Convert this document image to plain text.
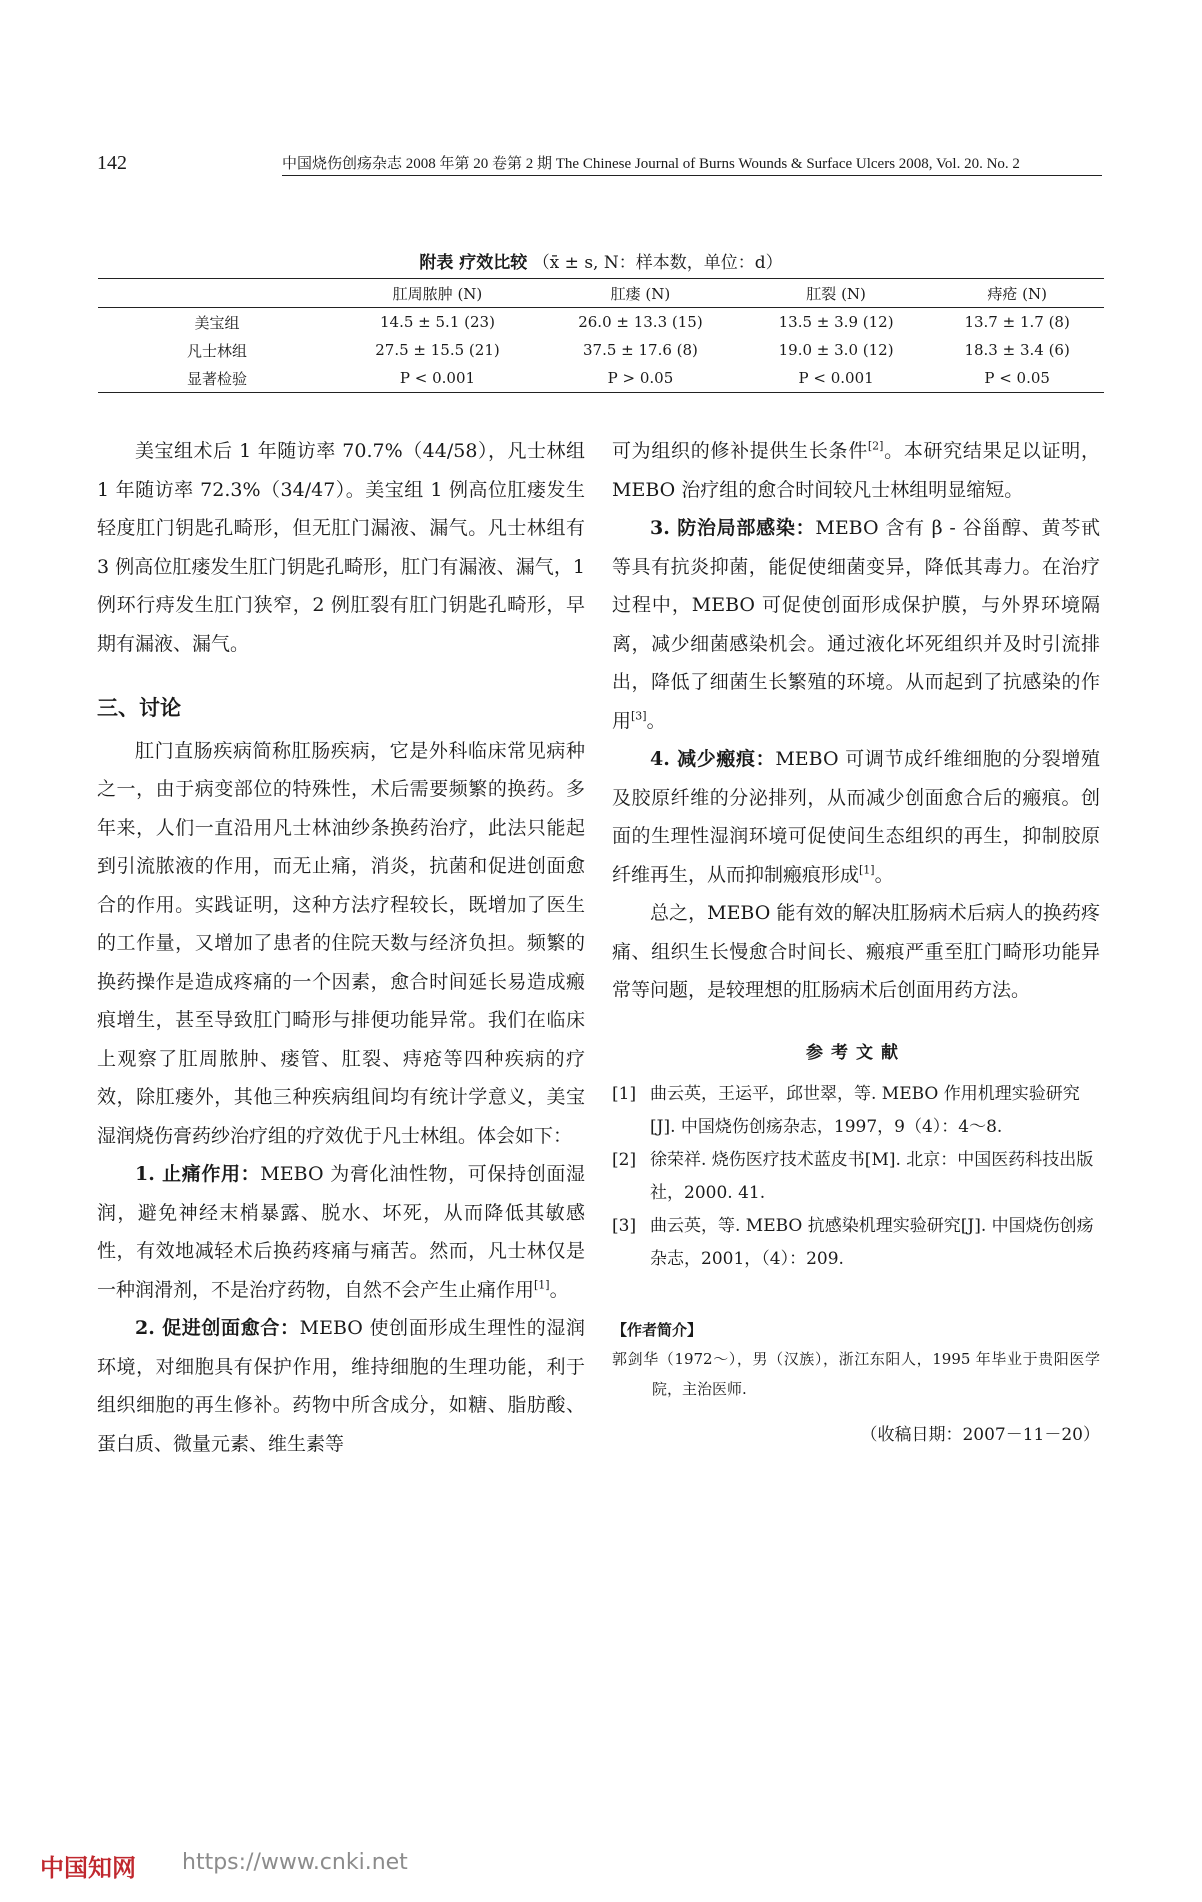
142	中国烧伤创疡杂志 2008 年第 20 卷第 2 期 The Chinese Journal of Burns Wounds & Surface Ulcers 2008, Vol. 20. No. 2
附表 疗效比较 （x̄ ± s, N：样本数，单位：d）
	肛周脓肿 (N)	肛瘘 (N)	肛裂 (N)	痔疮 (N)
美宝组	14.5 ± 5.1 (23)	26.0 ± 13.3 (15)	13.5 ± 3.9 (12)	13.7 ± 1.7 (8)
凡士林组	27.5 ± 15.5 (21)	37.5 ± 17.6 (8)	19.0 ± 3.0 (12)	18.3 ± 3.4 (6)
显著检验	P < 0.001	P > 0.05	P < 0.001	P < 0.05

美宝组术后 1 年随访率 70.7%（44/58），凡士林组 1 年随访率 72.3%（34/47）。美宝组 1 例高位肛瘘发生轻度肛门钥匙孔畸形，但无肛门漏液、漏气。凡士林组有 3 例高位肛瘘发生肛门钥匙孔畸形，肛门有漏液、漏气，1 例环行痔发生肛门狭窄，2 例肛裂有肛门钥匙孔畸形，早期有漏液、漏气。

三、讨论

肛门直肠疾病简称肛肠疾病，它是外科临床常见病种之一，由于病变部位的特殊性，术后需要频繁的换药。多年来，人们一直沿用凡士林油纱条换药治疗，此法只能起到引流脓液的作用，而无止痛，消炎，抗菌和促进创面愈合的作用。实践证明，这种方法疗程较长，既增加了医生的工作量，又增加了患者的住院天数与经济负担。频繁的换药操作是造成疼痛的一个因素，愈合时间延长易造成瘢痕增生，甚至导致肛门畸形与排便功能异常。我们在临床上观察了肛周脓肿、瘘管、肛裂、痔疮等四种疾病的疗效，除肛瘘外，其他三种疾病组间均有统计学意义，美宝湿润烧伤膏药纱治疗组的疗效优于凡士林组。体会如下：

1. 止痛作用：MEBO 为膏化油性物，可保持创面湿润，避免神经末梢暴露、脱水、坏死，从而降低其敏感性，有效地减轻术后换药疼痛与痛苦。然而，凡士林仅是一种润滑剂，不是治疗药物，自然不会产生止痛作用[1]。

2. 促进创面愈合：MEBO 使创面形成生理性的湿润环境，对细胞具有保护作用，维持细胞的生理功能，利于组织细胞的再生修补。药物中所含成分，如糖、脂肪酸、蛋白质、微量元素、维生素等

可为组织的修补提供生长条件[2]。本研究结果足以证明，MEBO 治疗组的愈合时间较凡士林组明显缩短。

3. 防治局部感染：MEBO 含有 β - 谷甾醇、黄芩甙等具有抗炎抑菌，能促使细菌变异，降低其毒力。在治疗过程中，MEBO 可促使创面形成保护膜，与外界环境隔离，减少细菌感染机会。通过液化坏死组织并及时引流排出，降低了细菌生长繁殖的环境。从而起到了抗感染的作用[3]。

4. 减少瘢痕：MEBO 可调节成纤维细胞的分裂增殖及胶原纤维的分泌排列，从而减少创面愈合后的瘢痕。创面的生理性湿润环境可促使间生态组织的再生，抑制胶原纤维再生，从而抑制瘢痕形成[1]。

总之，MEBO 能有效的解决肛肠病术后病人的换药疼痛、组织生长慢愈合时间长、瘢痕严重至肛门畸形功能异常等问题，是较理想的肛肠病术后创面用药方法。

参考文献
[1] 曲云英，王运平，邱世翠，等. MEBO 作用机理实验研究[J]. 中国烧伤创疡杂志，1997，9（4）：4～8.
[2] 徐荣祥. 烧伤医疗技术蓝皮书[M]. 北京：中国医药科技出版社，2000. 41.
[3] 曲云英，等. MEBO 抗感染机理实验研究[J]. 中国烧伤创疡杂志，2001，（4）：209.
【作者简介】
郭剑华（1972～），男（汉族），浙江东阳人，1995 年毕业于贵阳医学院，主治医师.
（收稿日期：2007－11－20）
中国知网 https://www.cnki.net
